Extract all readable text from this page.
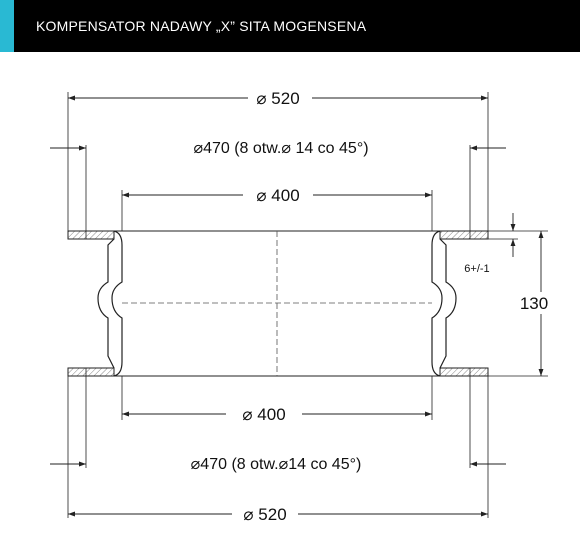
KOMPENSATOR NADAWY „X” SITA MOGENSENA
⌀ 520
⌀470 (8 otw.⌀ 14 co 45°)
⌀ 400
6+/-1
130
⌀ 400
⌀470 (8 otw.⌀14 co 45°)
⌀ 520
